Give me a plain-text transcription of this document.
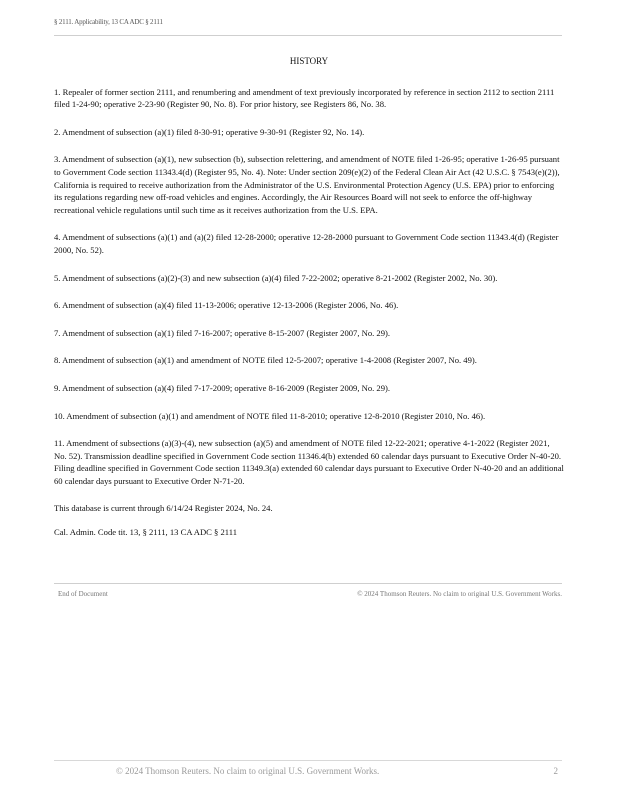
§ 2111. Applicability, 13 CA ADC § 2111
HISTORY

1. Repealer of former section 2111, and renumbering and amendment of text previously incorporated by reference in section 2112 to section 2111 filed 1-24-90; operative 2-23-90 (Register 90, No. 8). For prior history, see Registers 86, No. 38.

2. Amendment of subsection (a)(1) filed 8-30-91; operative 9-30-91 (Register 92, No. 14).

3. Amendment of subsection (a)(1), new subsection (b), subsection relettering, and amendment of NOTE filed 1-26-95; operative 1-26-95 pursuant to Government Code section 11343.4(d) (Register 95, No. 4). Note: Under section 209(e)(2) of the Federal Clean Air Act (42 U.S.C. § 7543(e)(2)), California is required to receive authorization from the Administrator of the U.S. Environmental Protection Agency (U.S. EPA) prior to enforcing its regulations regarding new off-road vehicles and engines. Accordingly, the Air Resources Board will not seek to enforce the off-highway recreational vehicle regulations until such time as it receives authorization from the U.S. EPA.

4. Amendment of subsections (a)(1) and (a)(2) filed 12-28-2000; operative 12-28-2000 pursuant to Government Code section 11343.4(d) (Register 2000, No. 52).

5. Amendment of subsections (a)(2)-(3) and new subsection (a)(4) filed 7-22-2002; operative 8-21-2002 (Register 2002, No. 30).

6. Amendment of subsection (a)(4) filed 11-13-2006; operative 12-13-2006 (Register 2006, No. 46).

7. Amendment of subsection (a)(1) filed 7-16-2007; operative 8-15-2007 (Register 2007, No. 29).

8. Amendment of subsection (a)(1) and amendment of NOTE filed 12-5-2007; operative 1-4-2008 (Register 2007, No. 49).

9. Amendment of subsection (a)(4) filed 7-17-2009; operative 8-16-2009 (Register 2009, No. 29).

10. Amendment of subsection (a)(1) and amendment of NOTE filed 11-8-2010; operative 12-8-2010 (Register 2010, No. 46).

11. Amendment of subsections (a)(3)-(4), new subsection (a)(5) and amendment of NOTE filed 12-22-2021; operative 4-1-2022 (Register 2021, No. 52). Transmission deadline specified in Government Code section 11346.4(b) extended 60 calendar days pursuant to Executive Order N-40-20. Filing deadline specified in Government Code section 11349.3(a) extended 60 calendar days pursuant to Executive Order N-40-20 and an additional 60 calendar days pursuant to Executive Order N-71-20.

This database is current through 6/14/24 Register 2024, No. 24.

Cal. Admin. Code tit. 13, § 2111, 13 CA ADC § 2111

End of Document	© 2024 Thomson Reuters. No claim to original U.S. Government Works.
© 2024 Thomson Reuters. No claim to original U.S. Government Works.	2
